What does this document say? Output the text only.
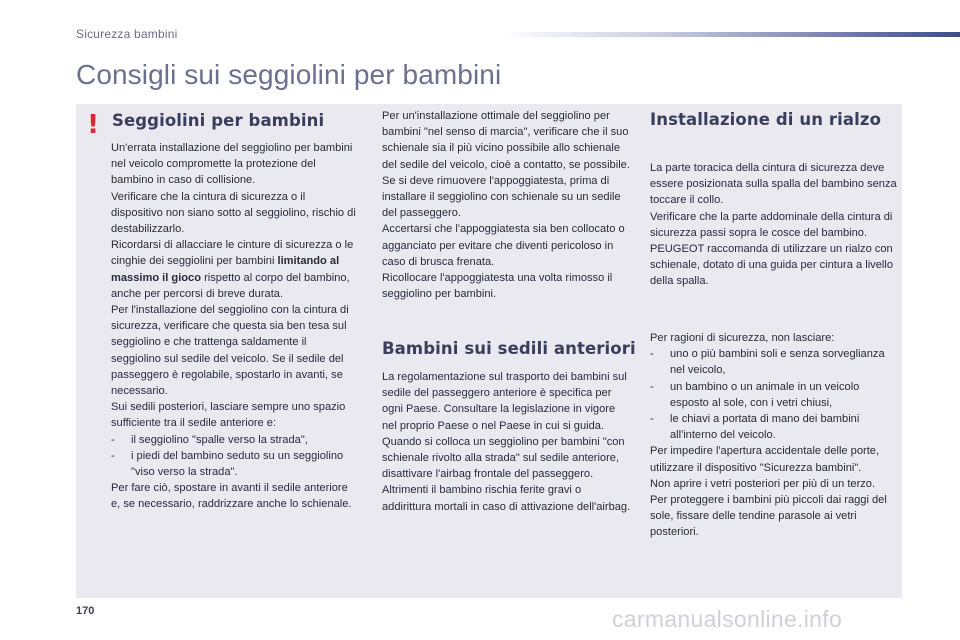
Sicurezza bambini
Consigli sui seggiolini per bambini
! Seggiolini per bambini

Un'errata installazione del seggiolino per bambini nel veicolo compromette la protezione del bambino in caso di collisione.

Verificare che la cintura di sicurezza o il dispositivo non siano sotto al seggiolino, rischio di destabilizzarlo.

Ricordarsi di allacciare le cinture di sicurezza o le cinghie dei seggiolini per bambini limitando al massimo il gioco rispetto al corpo del bambino, anche per percorsi di breve durata.

Per l'installazione del seggiolino con la cintura di sicurezza, verificare che questa sia ben tesa sul seggiolino e che trattenga saldamente il seggiolino sul sedile del veicolo. Se il sedile del passeggero è regolabile, spostarlo in avanti, se necessario.

Sui sedili posteriori, lasciare sempre uno spazio sufficiente tra il sedile anteriore e:

- il seggiolino "spalle verso la strada",

- i piedi del bambino seduto su un seggiolino "viso verso la strada".

Per fare ciò, spostare in avanti il sedile anteriore e, se necessario, raddrizzare anche lo schienale.

Per un'installazione ottimale del seggiolino per bambini "nel senso di marcia", verificare che il suo schienale sia il più vicino possibile allo schienale del sedile del veicolo, cioè a contatto, se possibile.

Se si deve rimuovere l'appoggiatesta, prima di installare il seggiolino con schienale su un sedile del passeggero.

Accertarsi che l'appoggiatesta sia ben collocato o agganciato per evitare che diventi pericoloso in caso di brusca frenata.

Ricollocare l'appoggiatesta una volta rimosso il seggiolino per bambini.

Bambini sui sedili anteriori

La regolamentazione sul trasporto dei bambini sul sedile del passeggero anteriore è specifica per ogni Paese. Consultare la legislazione in vigore nel proprio Paese o nel Paese in cui si guida.

Quando si colloca un seggiolino per bambini "con schienale rivolto alla strada" sul sedile anteriore, disattivare l'airbag frontale del passeggero. Altrimenti il bambino rischia ferite gravi o addirittura mortali in caso di attivazione dell'airbag.

Installazione di un rialzo

La parte toracica della cintura di sicurezza deve essere posizionata sulla spalla del bambino senza toccare il collo.

Verificare che la parte addominale della cintura di sicurezza passi sopra le cosce del bambino.

PEUGEOT raccomanda di utilizzare un rialzo con schienale, dotato di una guida per cintura a livello della spalla.

Per ragioni di sicurezza, non lasciare:

- uno o più bambini soli e senza sorveglianza nel veicolo,

- un bambino o un animale in un veicolo esposto al sole, con i vetri chiusi,

- le chiavi a portata di mano dei bambini all'interno del veicolo.

Per impedire l'apertura accidentale delle porte, utilizzare il dispositivo "Sicurezza bambini".

Non aprire i vetri posteriori per più di un terzo.

Per proteggere i bambini più piccoli dai raggi del sole, fissare delle tendine parasole ai vetri posteriori.

170	carmanualsonline.info
